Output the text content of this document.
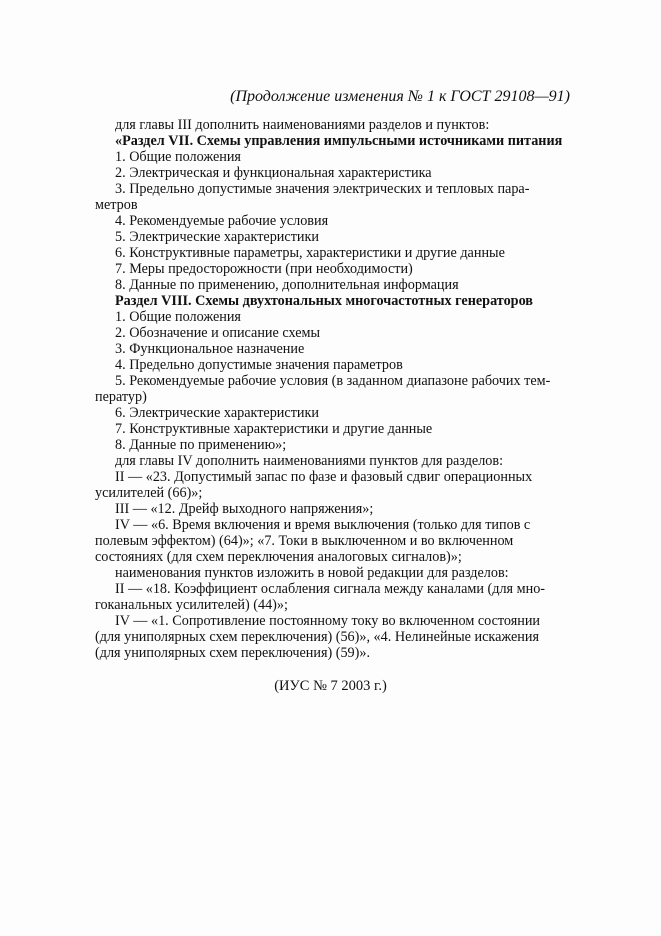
(Продолжение изменения № 1 к ГОСТ 29108—91)
для главы III дополнить наименованиями разделов и пунктов:
«Раздел VII. Схемы управления импульсными источниками питания
1. Общие положения
2. Электрическая и функциональная характеристика
3. Предельно допустимые значения электрических и тепловых пара-
метров
4. Рекомендуемые рабочие условия
5. Электрические характеристики
6. Конструктивные параметры, характеристики и другие данные
7. Меры предосторожности (при необходимости)
8. Данные по применению, дополнительная информация
Раздел VIII. Схемы двухтональных многочастотных генераторов
1. Общие положения
2. Обозначение и описание схемы
3. Функциональное назначение
4. Предельно допустимые значения параметров
5. Рекомендуемые рабочие условия (в заданном диапазоне рабочих тем-
ператур)
6. Электрические характеристики
7. Конструктивные характеристики и другие данные
8. Данные по применению»;
для главы IV дополнить наименованиями пунктов для разделов:
II — «23. Допустимый запас по фазе и фазовый сдвиг операционных
усилителей (66)»;
III — «12. Дрейф выходного напряжения»;
IV — «6. Время включения и время выключения (только для типов с
полевым эффектом) (64)»; «7. Токи в выключенном и во включенном
состояниях (для схем переключения аналоговых сигналов)»;
наименования пунктов изложить в новой редакции для разделов:
II — «18. Коэффициент ослабления сигнала между каналами (для мно-
гоканальных усилителей) (44)»;
IV — «1. Сопротивление постоянному току во включенном состоянии
(для униполярных схем переключения) (56)», «4. Нелинейные искажения
(для униполярных схем переключения) (59)».
(ИУС № 7 2003 г.)
